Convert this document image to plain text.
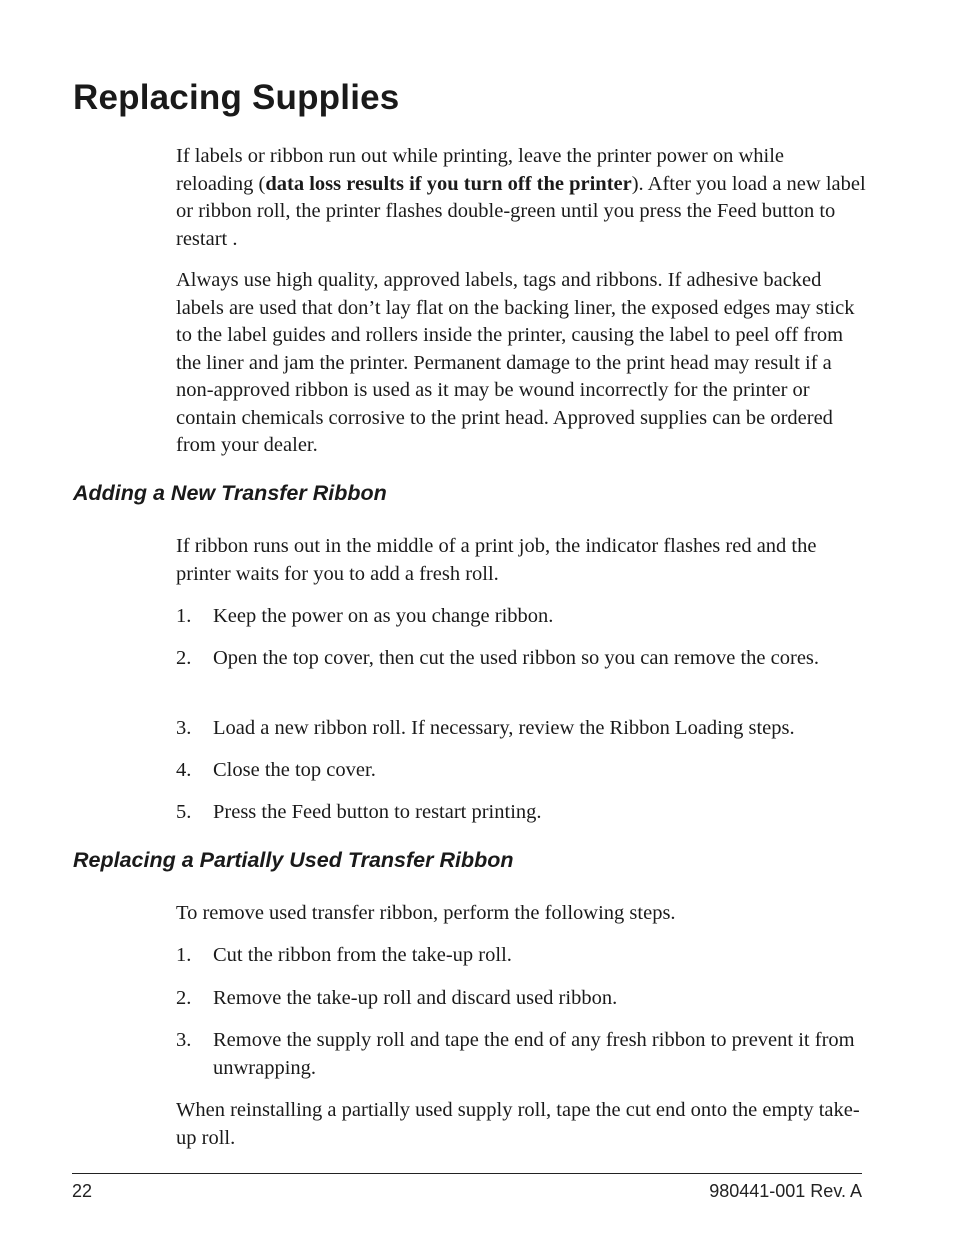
Replacing Supplies

If labels or ribbon run out while printing, leave the printer power on while reloading (data loss results if you turn off the printer). After you load a new label or ribbon roll, the printer flashes double-green until you press the Feed button to restart .

Always use high quality, approved labels, tags and ribbons. If adhesive backed labels are used that don’t lay flat on the backing liner, the exposed edges may stick to the label guides and rollers inside the printer, causing the label to peel off from the liner and jam the printer. Permanent damage to the print head may result if a non-approved ribbon is used as it may be wound incorrectly for the printer or contain chemicals corrosive to the print head. Approved supplies can be ordered from your dealer.

Adding a New Transfer Ribbon

If ribbon runs out in the middle of a print job, the indicator flashes red and the printer waits for you to add a fresh roll.

1.	Keep the power on as you change ribbon.
2.	Open the top cover, then cut the used ribbon so you can remove the cores.
3.	Load a new ribbon roll. If necessary, review the Ribbon Loading steps.
4.	Close the top cover.
5.	Press the Feed button to restart printing.
Replacing a Partially Used Transfer Ribbon

To remove used transfer ribbon, perform the following steps.

1.	Cut the ribbon from the take-up roll.
2.	Remove the take-up roll and discard used ribbon.
3.	Remove the supply roll and tape the end of any fresh ribbon to prevent it from unwrapping.

When reinstalling a partially used supply roll, tape the cut end onto the empty take-up roll.

22	980441-001 Rev. A
